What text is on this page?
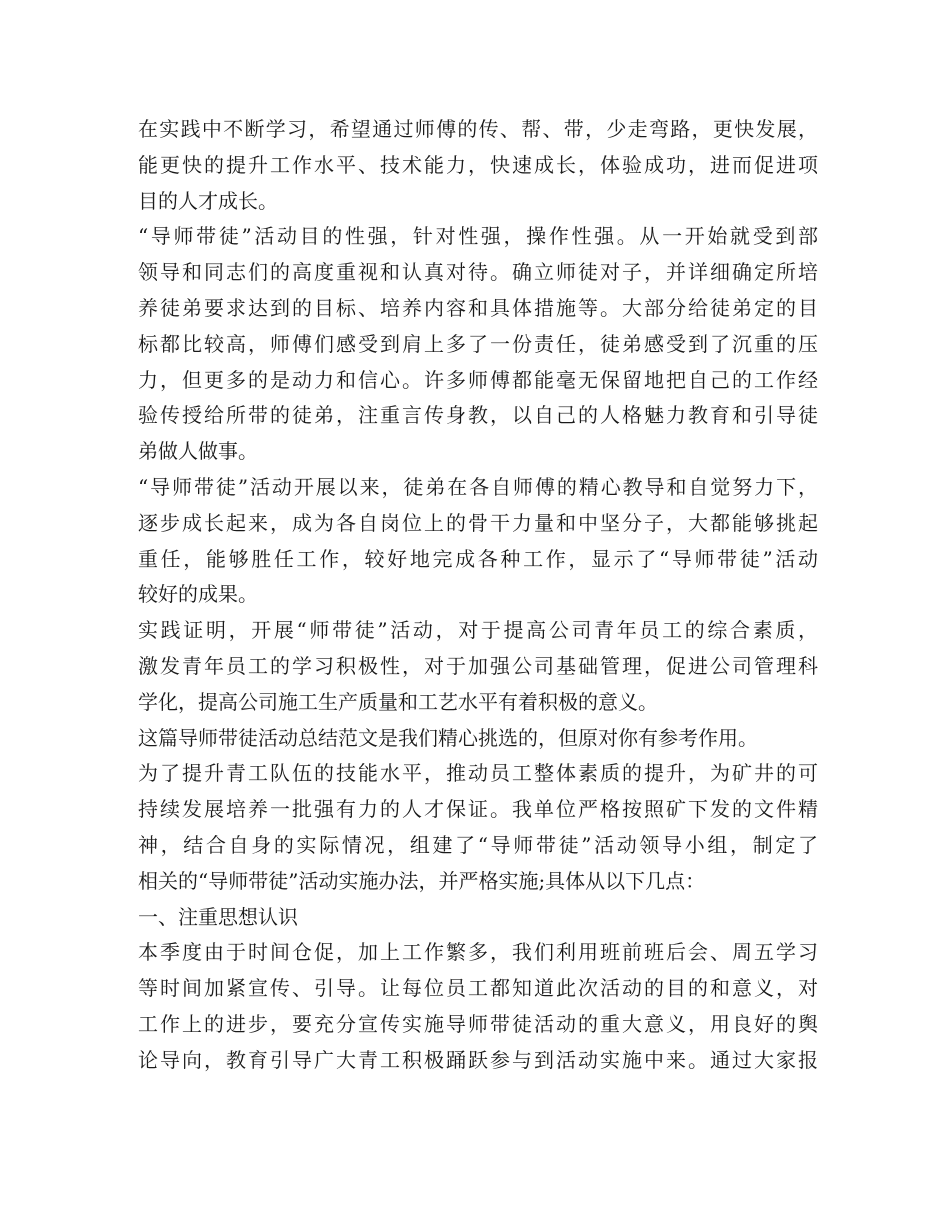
在实践中不断学习，希望通过师傅的传、帮、带，少走弯路，更快发展，
能更快的提升工作水平、技术能力，快速成长，体验成功，进而促进项
目的人才成长。
“导师带徒”活动目的性强，针对性强，操作性强。从一开始就受到部
领导和同志们的高度重视和认真对待。确立师徒对子，并详细确定所培
养徒弟要求达到的目标、培养内容和具体措施等。大部分给徒弟定的目
标都比较高，师傅们感受到肩上多了一份责任，徒弟感受到了沉重的压
力，但更多的是动力和信心。许多师傅都能毫无保留地把自己的工作经
验传授给所带的徒弟，注重言传身教，以自己的人格魅力教育和引导徒
弟做人做事。
“导师带徒”活动开展以来，徒弟在各自师傅的精心教导和自觉努力下，
逐步成长起来，成为各自岗位上的骨干力量和中坚分子，大都能够挑起
重任，能够胜任工作，较好地完成各种工作，显示了“导师带徒”活动
较好的成果。
实践证明，开展“师带徒”活动，对于提高公司青年员工的综合素质，
激发青年员工的学习积极性，对于加强公司基础管理，促进公司管理科
学化，提高公司施工生产质量和工艺水平有着积极的意义。
这篇导师带徒活动总结范文是我们精心挑选的，但原对你有参考作用。
为了提升青工队伍的技能水平，推动员工整体素质的提升，为矿井的可
持续发展培养一批强有力的人才保证。我单位严格按照矿下发的文件精
神，结合自身的实际情况，组建了“导师带徒”活动领导小组，制定了
相关的“导师带徒”活动实施办法，并严格实施;具体从以下几点：
一、注重思想认识
本季度由于时间仓促，加上工作繁多，我们利用班前班后会、周五学习
等时间加紧宣传、引导。让每位员工都知道此次活动的目的和意义，对
工作上的进步，要充分宣传实施导师带徒活动的重大意义，用良好的舆
论导向，教育引导广大青工积极踊跃参与到活动实施中来。通过大家报
